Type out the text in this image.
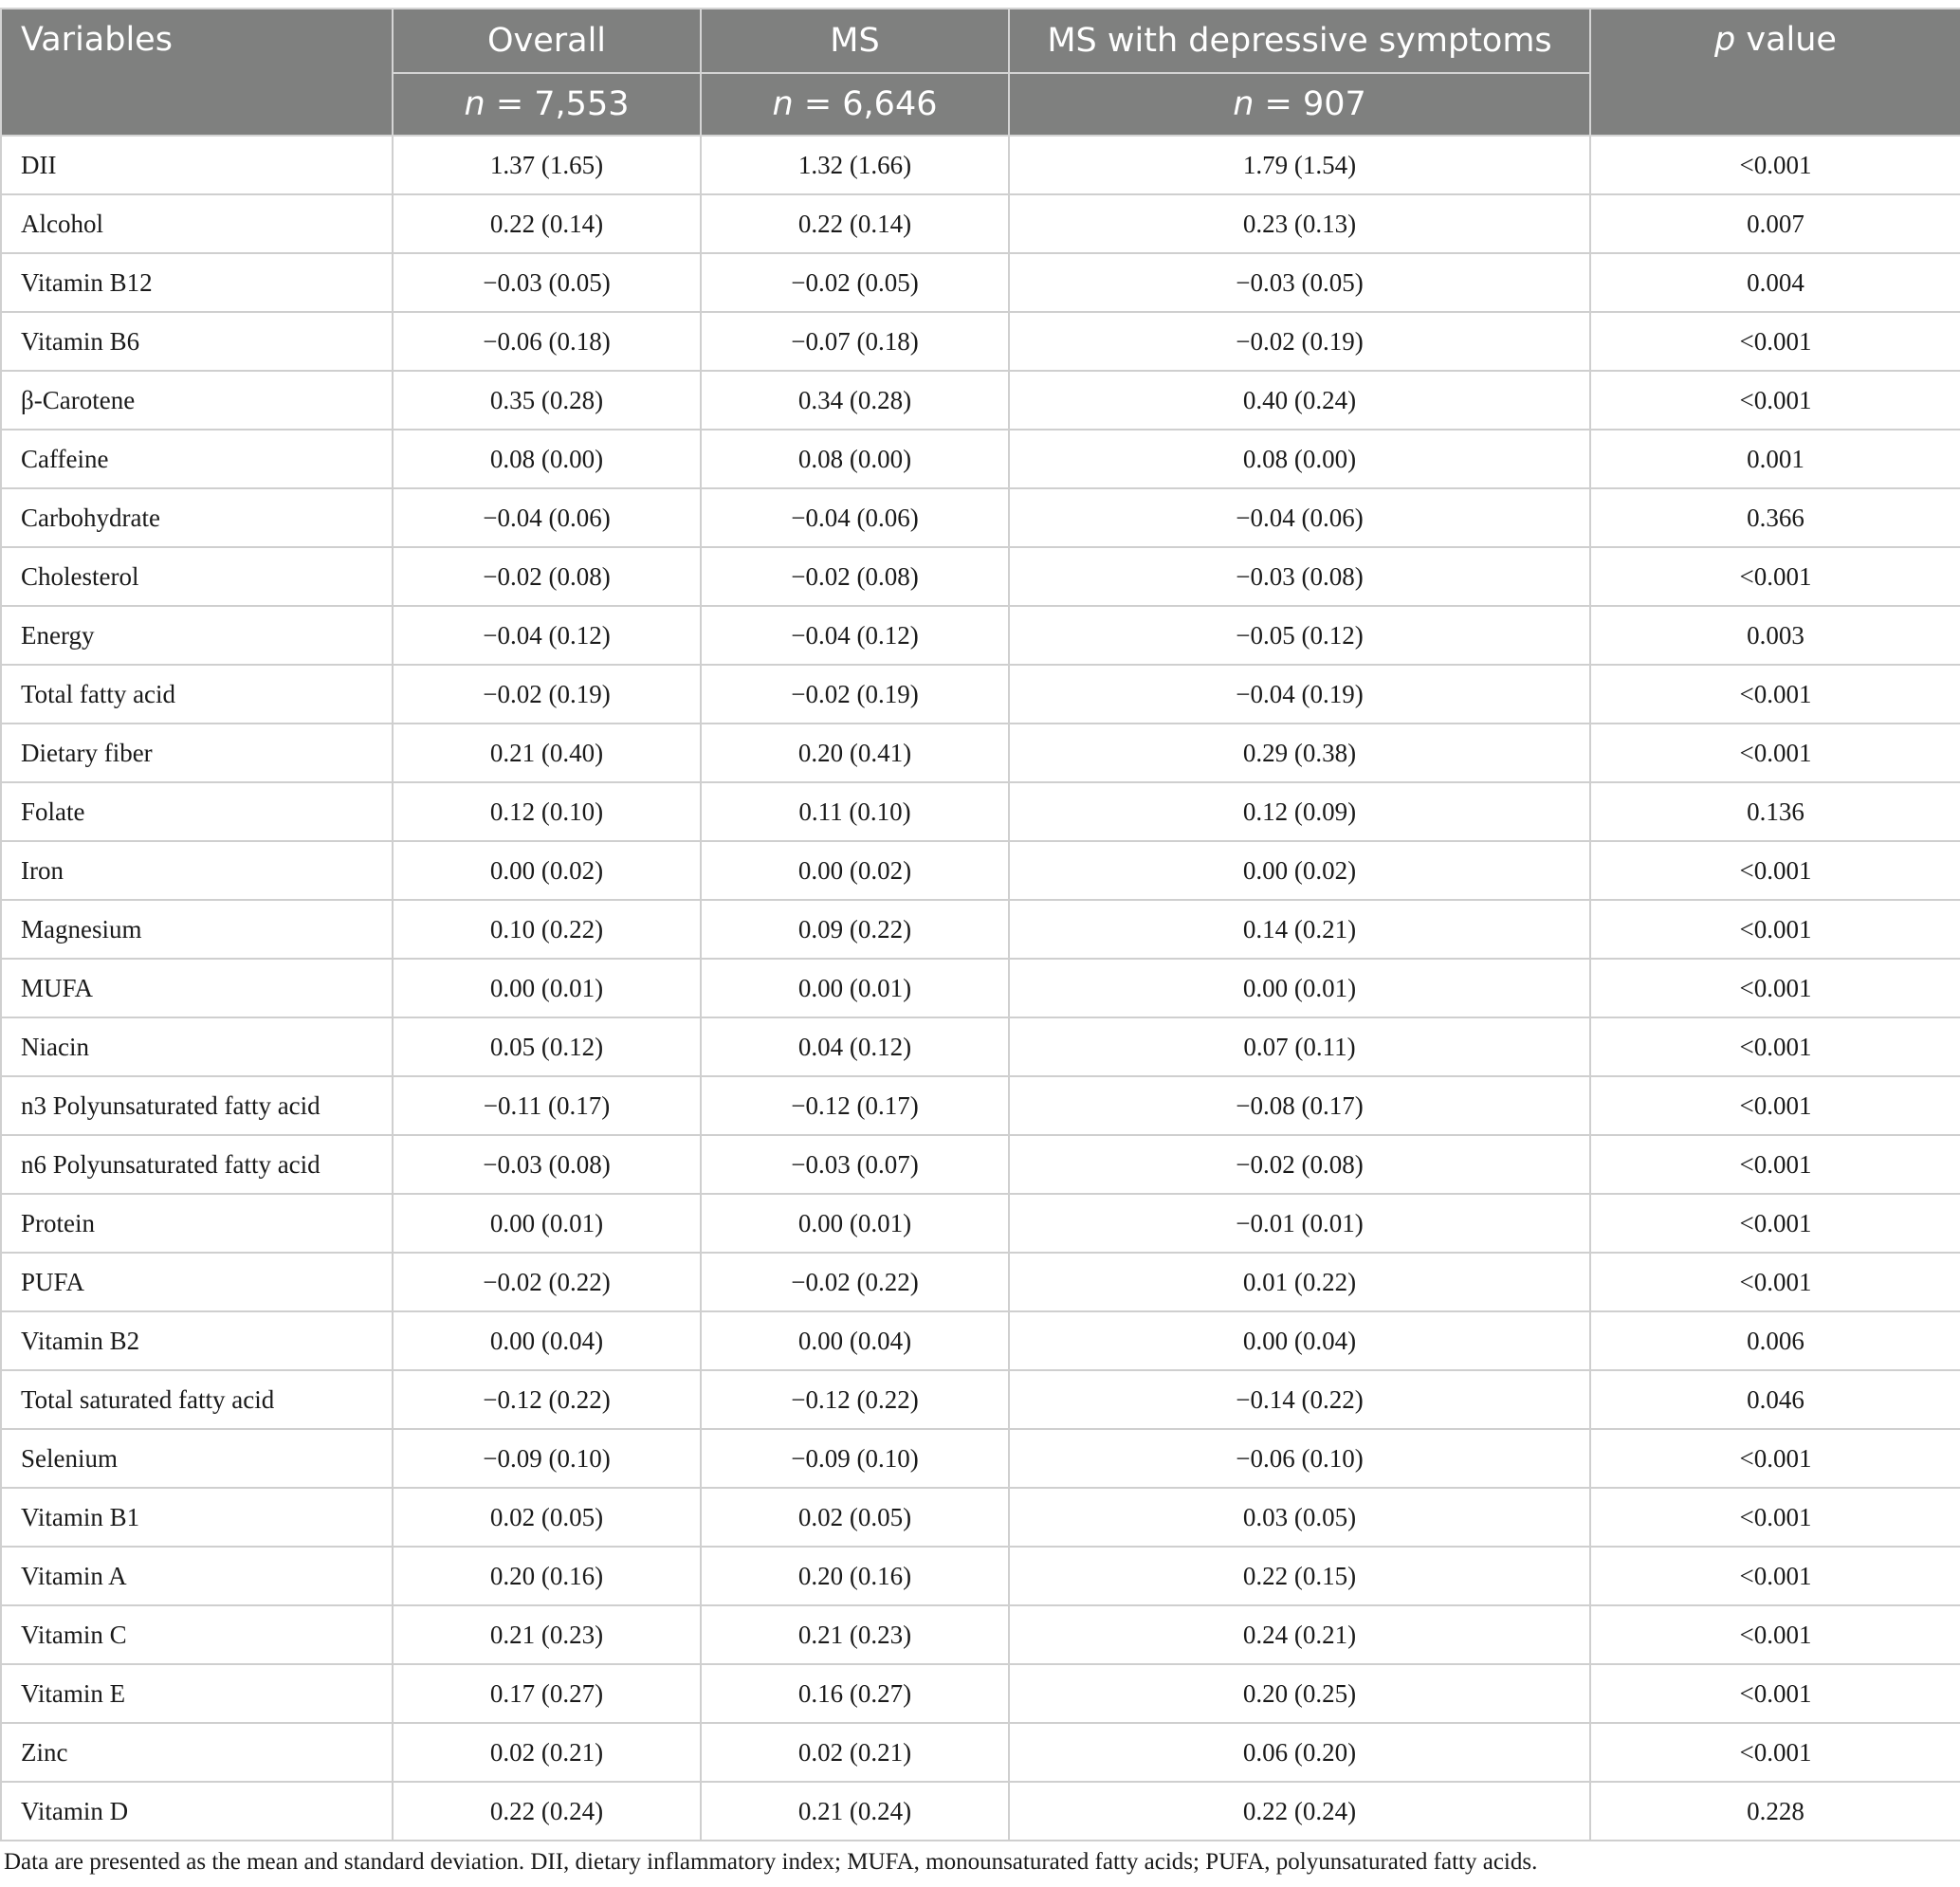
Variables	Overall	MS	MS with depressive symptoms	p value
	n = 7,553	n = 6,646	n = 907	
DII	1.37 (1.65)	1.32 (1.66)	1.79 (1.54)	<0.001
Alcohol	0.22 (0.14)	0.22 (0.14)	0.23 (0.13)	0.007
Vitamin B12	−0.03 (0.05)	−0.02 (0.05)	−0.03 (0.05)	0.004
Vitamin B6	−0.06 (0.18)	−0.07 (0.18)	−0.02 (0.19)	<0.001
β-Carotene	0.35 (0.28)	0.34 (0.28)	0.40 (0.24)	<0.001
Caffeine	0.08 (0.00)	0.08 (0.00)	0.08 (0.00)	0.001
Carbohydrate	−0.04 (0.06)	−0.04 (0.06)	−0.04 (0.06)	0.366
Cholesterol	−0.02 (0.08)	−0.02 (0.08)	−0.03 (0.08)	<0.001
Energy	−0.04 (0.12)	−0.04 (0.12)	−0.05 (0.12)	0.003
Total fatty acid	−0.02 (0.19)	−0.02 (0.19)	−0.04 (0.19)	<0.001
Dietary fiber	0.21 (0.40)	0.20 (0.41)	0.29 (0.38)	<0.001
Folate	0.12 (0.10)	0.11 (0.10)	0.12 (0.09)	0.136
Iron	0.00 (0.02)	0.00 (0.02)	0.00 (0.02)	<0.001
Magnesium	0.10 (0.22)	0.09 (0.22)	0.14 (0.21)	<0.001
MUFA	0.00 (0.01)	0.00 (0.01)	0.00 (0.01)	<0.001
Niacin	0.05 (0.12)	0.04 (0.12)	0.07 (0.11)	<0.001
n3 Polyunsaturated fatty acid	−0.11 (0.17)	−0.12 (0.17)	−0.08 (0.17)	<0.001
n6 Polyunsaturated fatty acid	−0.03 (0.08)	−0.03 (0.07)	−0.02 (0.08)	<0.001
Protein	0.00 (0.01)	0.00 (0.01)	−0.01 (0.01)	<0.001
PUFA	−0.02 (0.22)	−0.02 (0.22)	0.01 (0.22)	<0.001
Vitamin B2	0.00 (0.04)	0.00 (0.04)	0.00 (0.04)	0.006
Total saturated fatty acid	−0.12 (0.22)	−0.12 (0.22)	−0.14 (0.22)	0.046
Selenium	−0.09 (0.10)	−0.09 (0.10)	−0.06 (0.10)	<0.001
Vitamin B1	0.02 (0.05)	0.02 (0.05)	0.03 (0.05)	<0.001
Vitamin A	0.20 (0.16)	0.20 (0.16)	0.22 (0.15)	<0.001
Vitamin C	0.21 (0.23)	0.21 (0.23)	0.24 (0.21)	<0.001
Vitamin E	0.17 (0.27)	0.16 (0.27)	0.20 (0.25)	<0.001
Zinc	0.02 (0.21)	0.02 (0.21)	0.06 (0.20)	<0.001
Vitamin D	0.22 (0.24)	0.21 (0.24)	0.22 (0.24)	0.228
Data are presented as the mean and standard deviation. DII, dietary inflammatory index; MUFA, monounsaturated fatty acids; PUFA, polyunsaturated fatty acids.
